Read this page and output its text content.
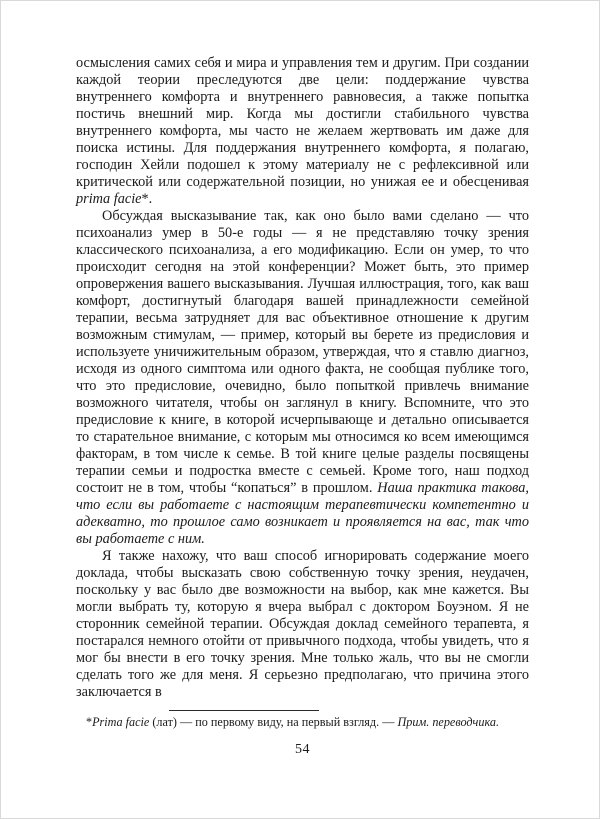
осмысления самих себя и мира и управления тем и другим. При создании каждой теории преследуются две цели: поддержание чувства внутреннего комфорта и внутреннего равновесия, а также попытка постичь внешний мир. Когда мы достигли стабильного чувства внутреннего комфорта, мы часто не желаем жертвовать им даже для поиска истины. Для поддержания внутреннего комфорта, я полагаю, господин Хейли подошел к этому материалу не с рефлексивной или критической или содержательной позиции, но унижая ее и обесценивая prima facie*.

Обсуждая высказывание так, как оно было вами сделано — что психоанализ умер в 50-е годы — я не представляю точку зрения классического психоанализа, а его модификацию. Если он умер, то что происходит сегодня на этой конференции? Может быть, это пример опровержения вашего высказывания. Лучшая иллюстрация, того, как ваш комфорт, достигнутый благодаря вашей принадлежности семейной терапии, весьма затрудняет для вас объективное отношение к другим возможным стимулам, — пример, который вы берете из предисловия и используете уничижительным образом, утверждая, что я ставлю диагноз, исходя из одного симптома или одного факта, не сообщая публике того, что это предисловие, очевидно, было попыткой привлечь внимание возможного читателя, чтобы он заглянул в книгу. Вспомните, что это предисловие к книге, в которой исчерпывающе и детально описывается то старательное внимание, с которым мы относимся ко всем имеющимся факторам, в том числе к семье. В той книге целые разделы посвящены терапии семьи и подростка вместе с семьей. Кроме того, наш подход состоит не в том, чтобы “копаться” в прошлом. Наша практика такова, что если вы работаете с настоящим терапевтически компетентно и адекватно, то прошлое само возникает и проявляется на вас, так что вы работаете с ним.

Я также нахожу, что ваш способ игнорировать содержание моего доклада, чтобы высказать свою собственную точку зрения, неудачен, поскольку у вас было две возможности на выбор, как мне кажется. Вы могли выбрать ту, которую я вчера выбрал с доктором Боуэном. Я не сторонник семейной терапии. Обсуждая доклад семейного терапевта, я постарался немного отойти от привычного подхода, чтобы увидеть, что я мог бы внести в его точку зрения. Мне только жаль, что вы не смогли сделать того же для меня. Я серьезно предполагаю, что причина этого заключается в

*Prima facie (лат) — по первому виду, на первый взгляд. — Прим. переводчика.
54
